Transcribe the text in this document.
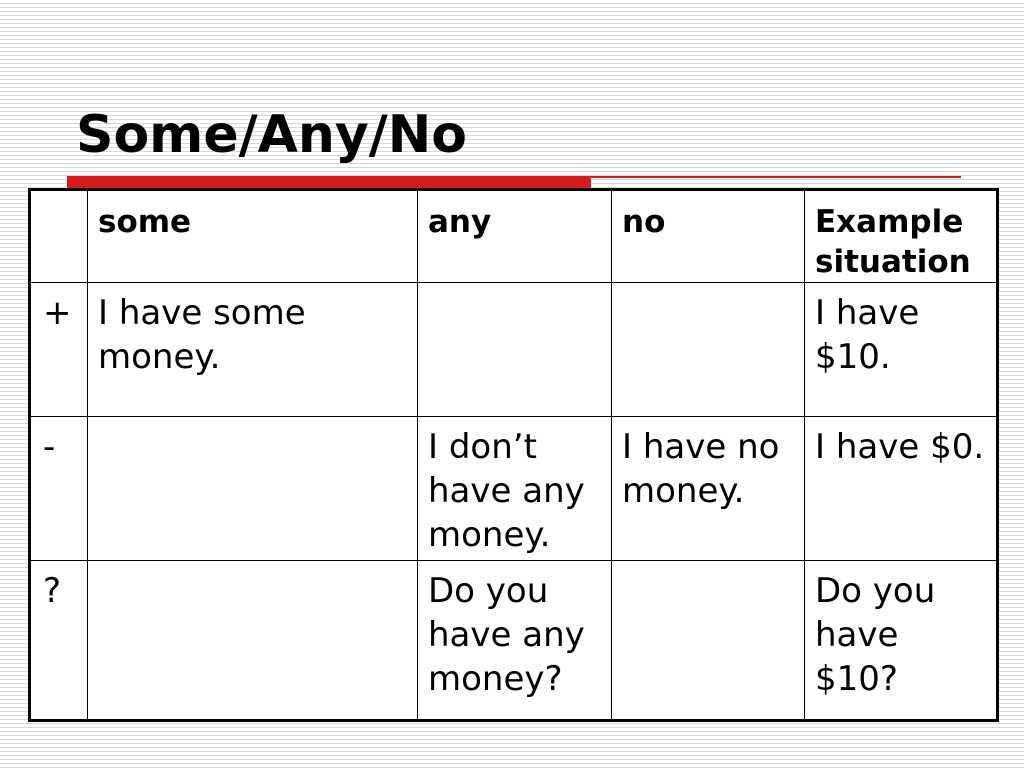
Some/Any/No
	some	any	no	Example situation
+	I have some money.			I have $10.
-		I don’t have any money.	I have no money.	I have $0.
?		Do you have any money?		Do you have $10?
